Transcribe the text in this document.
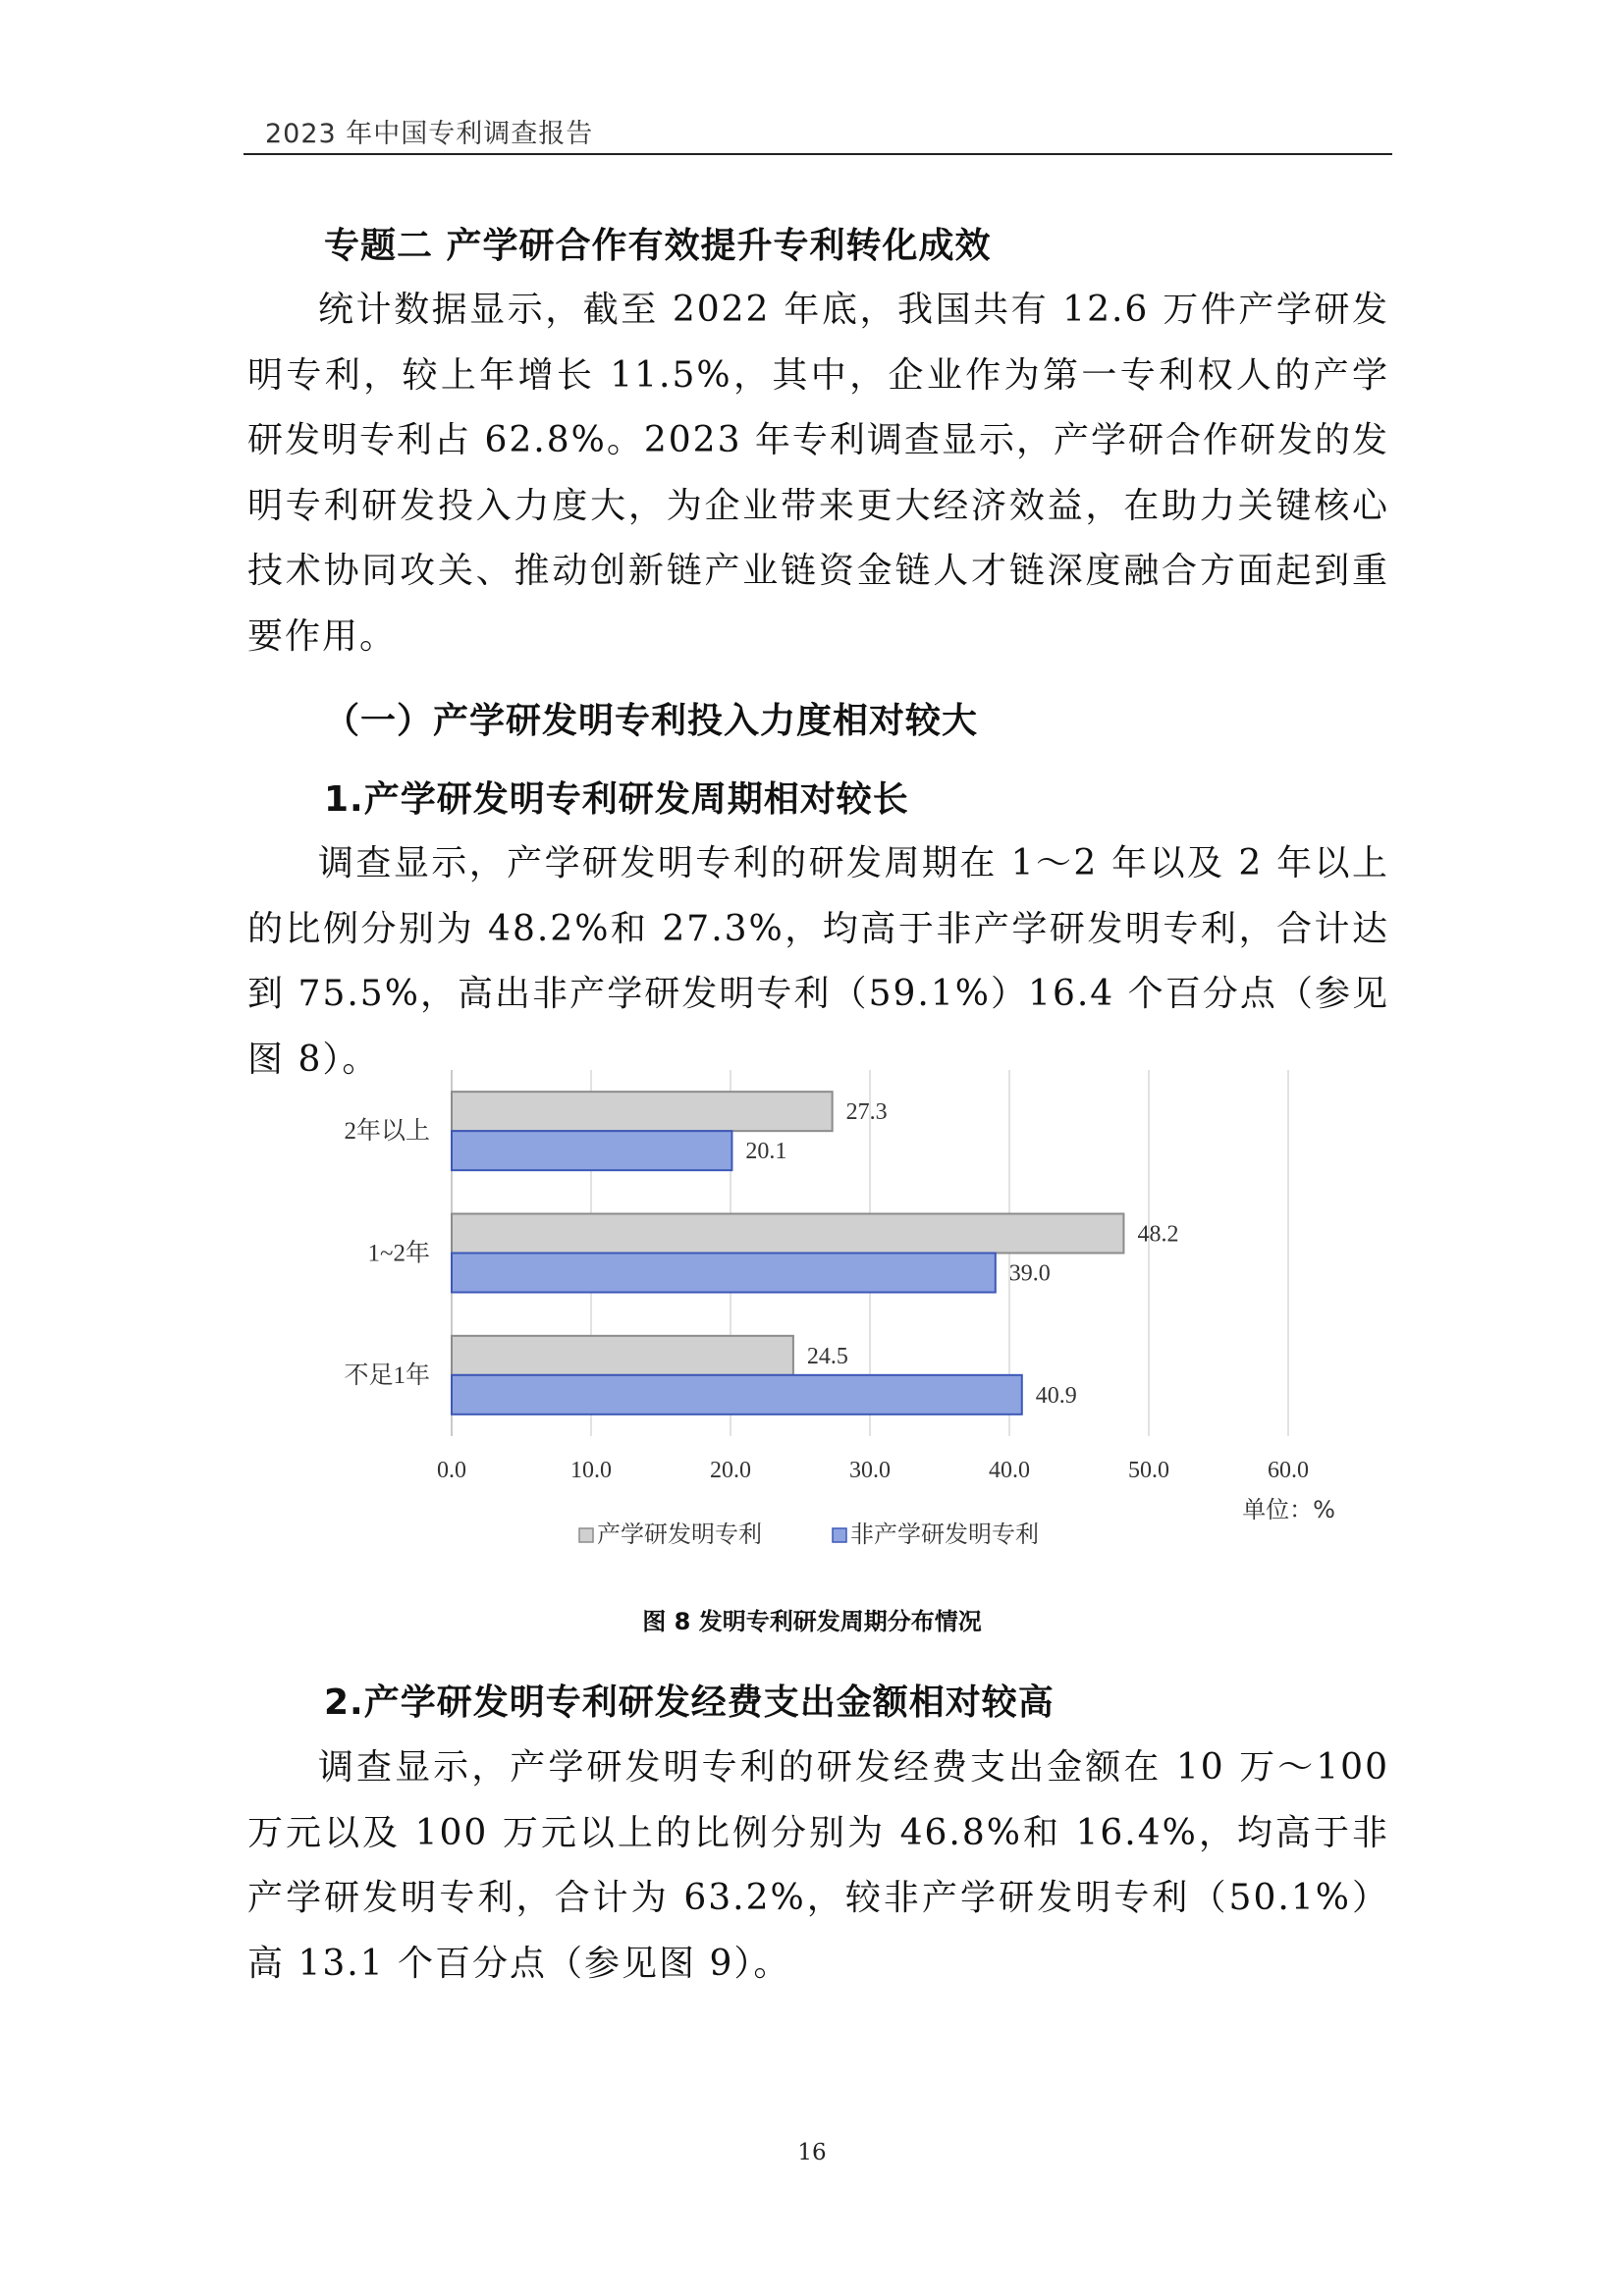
2023 年中国专利调查报告
专题二 产学研合作有效提升专利转化成效

统计数据显示，截至 2022 年底，我国共有 12.6 万件产学研发明专利，较上年增长 11.5%，其中，企业作为第一专利权人的产学研发明专利占 62.8%。2023 年专利调查显示，产学研合作研发的发明专利研发投入力度大，为企业带来更大经济效益，在助力关键核心技术协同攻关、推动创新链产业链资金链人才链深度融合方面起到重要作用。

（一）产学研发明专利投入力度相对较大
1.产学研发明专利研发周期相对较长

调查显示，产学研发明专利的研发周期在 1～2 年以及 2 年以上的比例分别为 48.2%和 27.3%，均高于非产学研发明专利，合计达到 75.5%，高出非产学研发明专利（59.1%）16.4 个百分点（参见图 8）。

0.0	10.0	20.0	30.0	40.0	50.0	60.0
2年以上
27.3
20.1
1~2年
48.2
39.0
不足1年
24.5
40.9
单位：%
产学研发明专利	非产学研发明专利
图 8 发明专利研发周期分布情况
2.产学研发明专利研发经费支出金额相对较高

调查显示，产学研发明专利的研发经费支出金额在 10 万～100 万元以及 100 万元以上的比例分别为 46.8%和 16.4%，均高于非产学研发明专利，合计为 63.2%，较非产学研发明专利（50.1%）高 13.1 个百分点（参见图 9）。

16
